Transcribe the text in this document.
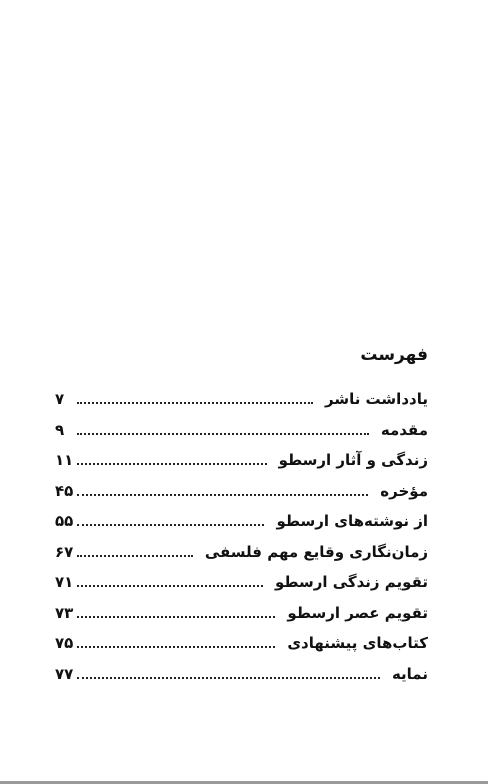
فهرست
یادداشت ناشر
۷
مقدمه
۹
زندگی و آثار ارسطو
۱۱
مؤخره
۴۵
از نوشته‌های ارسطو
۵۵
زمان‌نگاری وقایع مهم فلسفی
۶۷
تقویم زندگی ارسطو
۷۱
تقویم عصر ارسطو
۷۳
کتاب‌های پیشنهادی
۷۵
نمایه
۷۷
